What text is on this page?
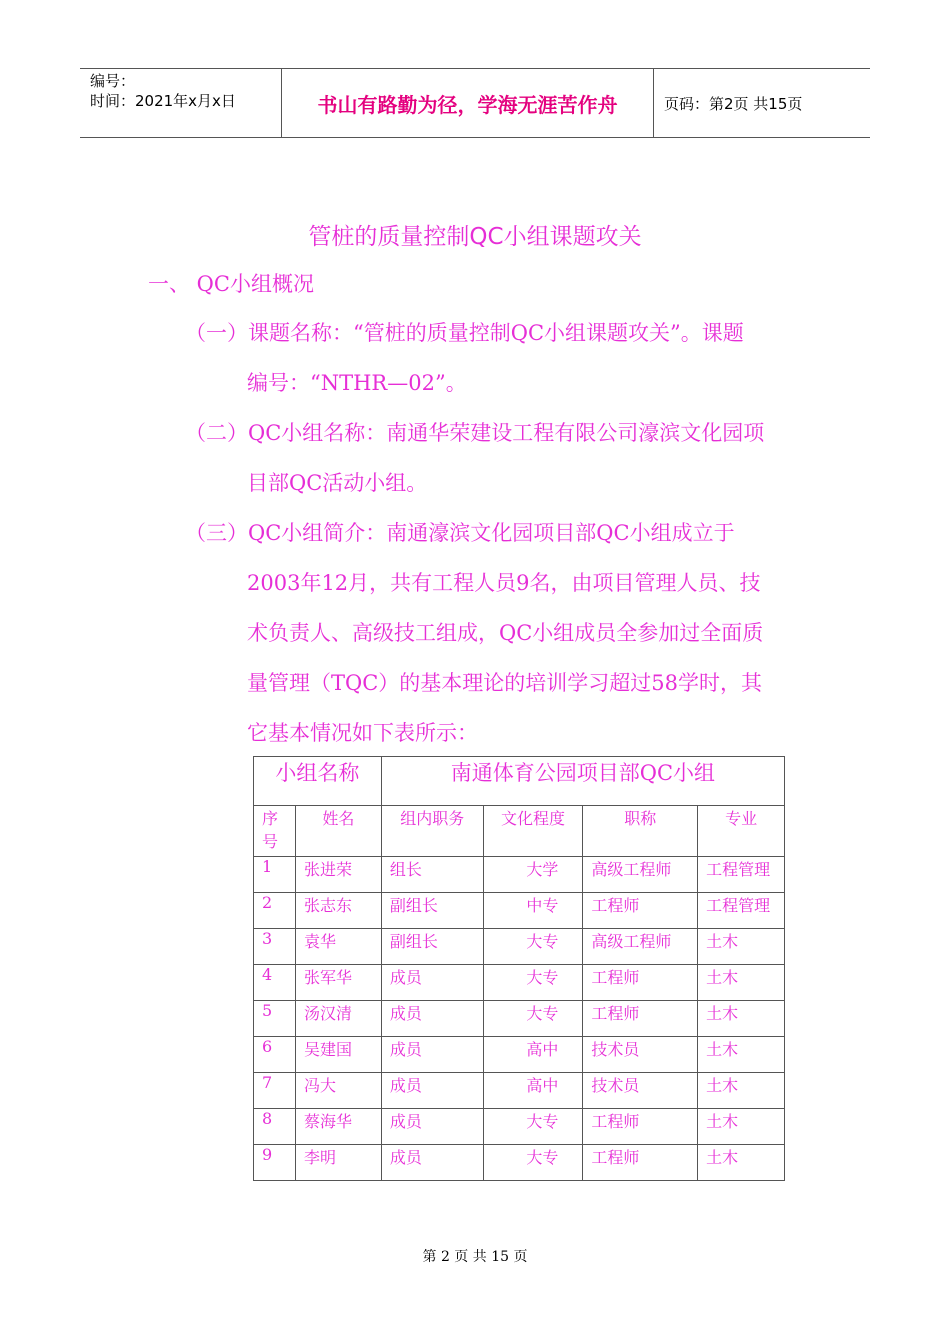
编号：
时间：2021年x月x日	书山有路勤为径，学海无涯苦作舟	页码：第2页 共15页
管桩的质量控制QC小组课题攻关
一、 QC小组概况
（一）课题名称：“管桩的质量控制QC小组课题攻关”。课题
编号：“NTHR—02”。
（二）QC小组名称：南通华荣建设工程有限公司濠滨文化园项
目部QC活动小组。
（三）QC小组简介：南通濠滨文化园项目部QC小组成立于
2003年12月，共有工程人员9名，由项目管理人员、技
术负责人、高级技工组成，QC小组成员全参加过全面质
量管理（TQC）的基本理论的培训学习超过58学时，其
它基本情况如下表所示：
小组名称		南通体育公园项目部QC小组			
序号	姓名	组内职务	文化程度	职称	专业
1	张进荣	组长	大学	高级工程师	工程管理
2	张志东	副组长	中专	工程师	工程管理
3	袁华	副组长	大专	高级工程师	土木
4	张军华	成员	大专	工程师	土木
5	汤汉清	成员	大专	工程师	土木
6	吴建国	成员	高中	技术员	土木
7	冯大	成员	高中	技术员	土木
8	蔡海华	成员	大专	工程师	土木
9	李明	成员	大专	工程师	土木
第 2 页 共 15 页
